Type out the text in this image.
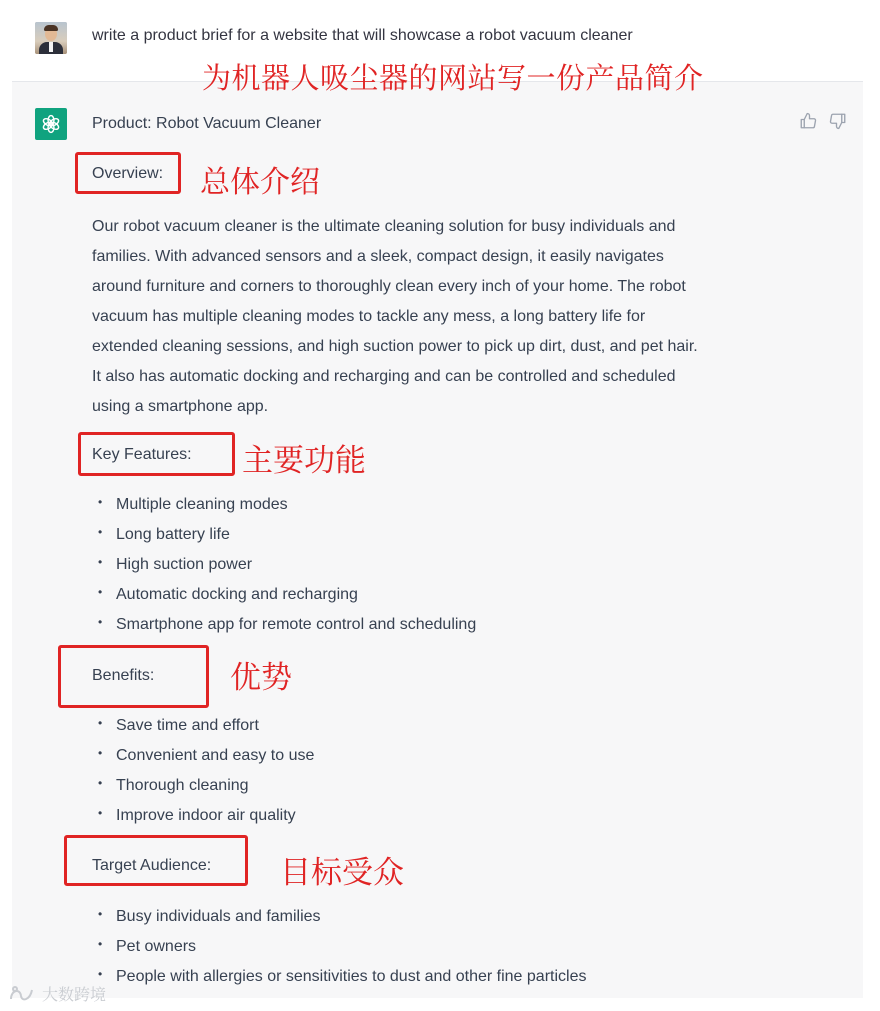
write a product brief for a website that will showcase a robot vacuum cleaner
Product: Robot Vacuum Cleaner
Overview:
Our robot vacuum cleaner is the ultimate cleaning solution for busy individuals and
families. With advanced sensors and a sleek, compact design, it easily navigates
around furniture and corners to thoroughly clean every inch of your home. The robot
vacuum has multiple cleaning modes to tackle any mess, a long battery life for
extended cleaning sessions, and high suction power to pick up dirt, dust, and pet hair.
It also has automatic docking and recharging and can be controlled and scheduled
using a smartphone app.
Key Features:
• Multiple cleaning modes
• Long battery life
• High suction power
• Automatic docking and recharging
• Smartphone app for remote control and scheduling
Benefits:
• Save time and effort
• Convenient and easy to use
• Thorough cleaning
• Improve indoor air quality
Target Audience:
• Busy individuals and families
• Pet owners
• People with allergies or sensitivities to dust and other fine particles
为机器人吸尘器的网站写一份产品简介
总体介绍
主要功能
优势
目标受众
大数跨境
